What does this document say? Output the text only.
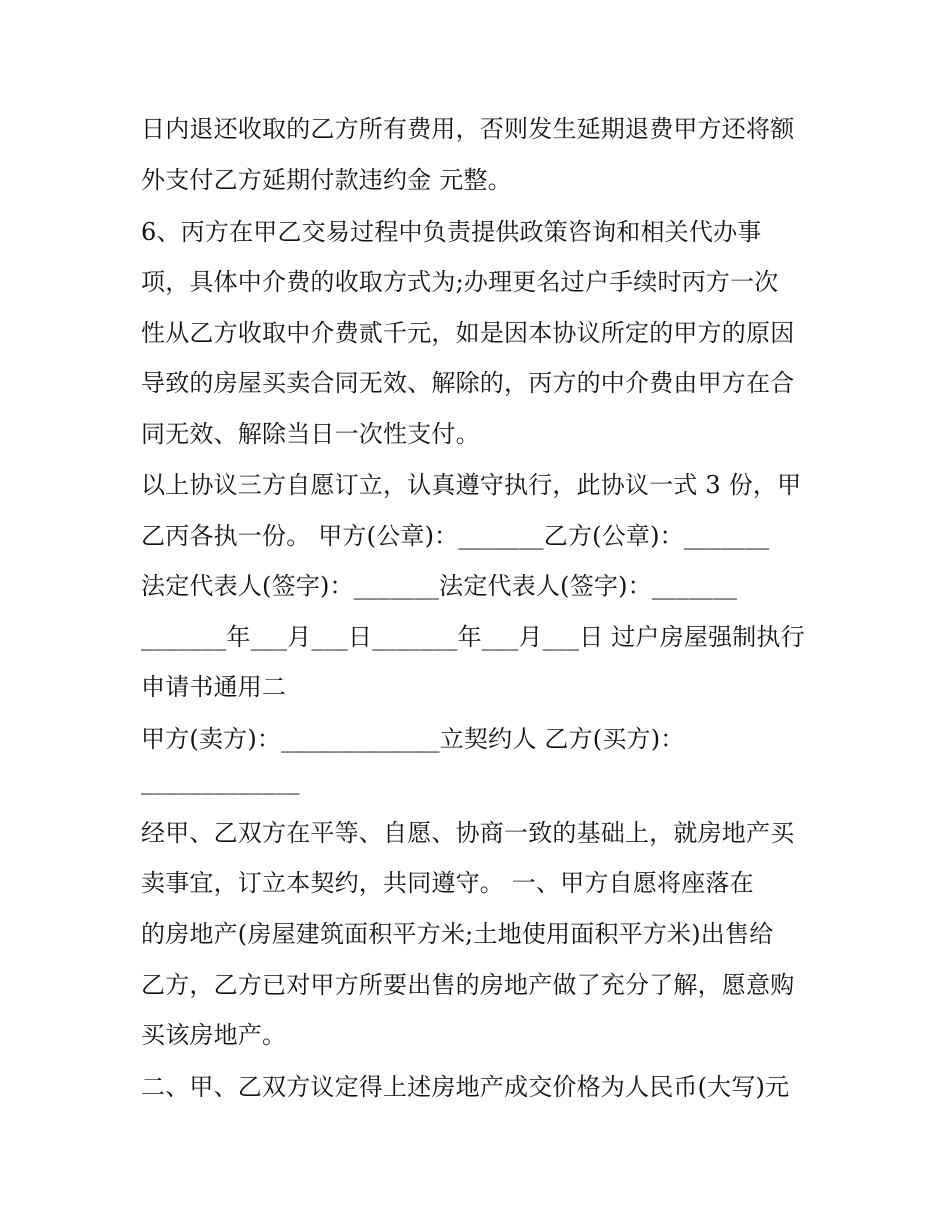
日内退还收取的乙方所有费用，否则发生延期退费甲方还将额
外支付乙方延期付款违约金 元整。
6、丙方在甲乙交易过程中负责提供政策咨询和相关代办事
项，具体中介费的收取方式为;办理更名过户手续时丙方一次
性从乙方收取中介费贰千元，如是因本协议所定的甲方的原因
导致的房屋买卖合同无效、解除的，丙方的中介费由甲方在合
同无效、解除当日一次性支付。
以上协议三方自愿订立，认真遵守执行，此协议一式 3 份，甲
乙丙各执一份。 甲方(公章)：_______乙方(公章)：_______
法定代表人(签字)：_______法定代表人(签字)：_______
_______年___月___日_______年___月___日 过户房屋强制执行
申请书通用二
甲方(卖方)：_____________立契约人 乙方(买方)：
_____________
经甲、乙双方在平等、自愿、协商一致的基础上，就房地产买
卖事宜，订立本契约，共同遵守。 一、甲方自愿将座落在
的房地产(房屋建筑面积平方米;土地使用面积平方米)出售给
乙方，乙方已对甲方所要出售的房地产做了充分了解，愿意购
买该房地产。
二、甲、乙双方议定得上述房地产成交价格为人民币(大写)元
